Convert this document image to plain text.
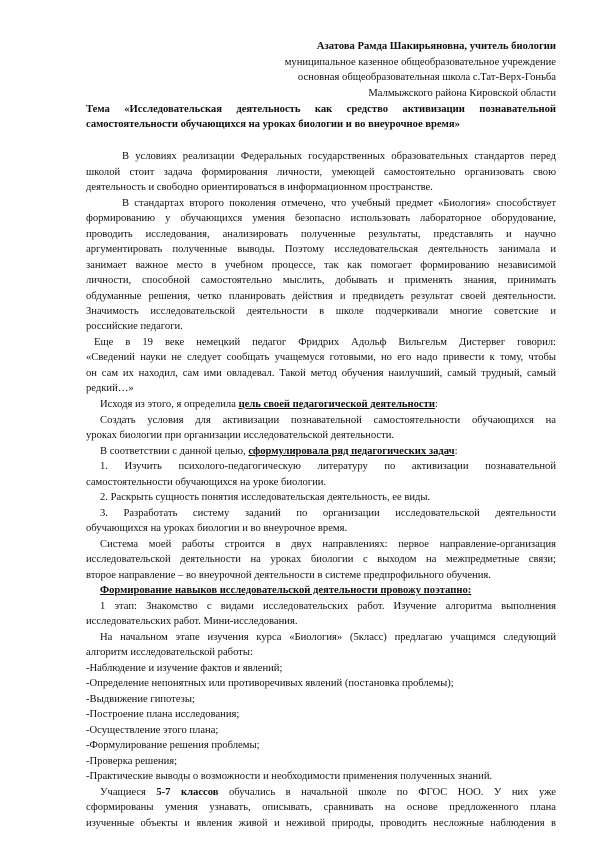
Азатова Рамда Шакирьяновна, учитель биологии
муниципальное казенное общеобразовательное учреждение
основная общеобразовательная школа с.Тат-Верх-Гоньба
Малмыжского района Кировской области
Тема «Исследовательская деятельность как средство активизации познавательной
самостоятельности обучающихся на уроках биологии и во внеурочное время»
В условиях реализации Федеральных государственных образовательных стандартов перед
школой стоит задача формирования личности, умеющей самостоятельно организовать свою
деятельность и свободно ориентироваться в информационном пространстве.
В стандартах второго поколения отмечено, что учебный предмет «Биология» способствует
формированию у обучающихся умения безопасно использовать лабораторное оборудование,
проводить исследования, анализировать полученные результаты, представлять и научно
аргументировать полученные выводы. Поэтому исследовательская деятельность занимала и
занимает важное место в учебном процессе, так как помогает формированию независимой
личности, способной самостоятельно мыслить, добывать и применять знания, принимать
обдуманные решения, четко планировать действия и предвидеть результат своей деятельности.
Значимость исследовательской деятельности в школе подчеркивали многие советские и
российские педагоги.
Еще в 19 веке немецкий педагог Фридрих Адольф Вильгельм Дистервег говорил:
«Сведений науки не следует сообщать учащемуся готовыми, но его надо привести к тому, чтобы
он сам их находил, сам ими овладевал. Такой метод обучения наилучший, самый трудный, самый
редкий…»
Исходя из этого, я определила цель своей педагогической деятельности:
Создать условия для активизации познавательной самостоятельности обучающихся на
уроках биологии при организации исследовательской деятельности.
В соответствии с данной целью, сформулировала ряд педагогических задач:
1. Изучить психолого-педагогическую литературу по активизации познавательной
самостоятельности обучающихся на уроке биологии.
2. Раскрыть сущность понятия исследовательская деятельность, ее виды.
3. Разработать систему заданий по организации исследовательской деятельности
обучающихся на уроках биологии и во внеурочное время.
Система моей работы строится в двух направлениях: первое направление-организация
исследовательской деятельности на уроках биологии с выходом на межпредметные связи;
второе направление – во внеурочной деятельности в системе предпрофильного обучения.
Формирование навыков исследовательской деятельности провожу поэтапно:
1 этап: Знакомство с видами исследовательских работ. Изучение алгоритма выполнения
исследовательских работ. Мини-исследования.
На начальном этапе изучения курса «Биология» (5класс) предлагаю учащимся следующий
алгоритм исследовательской работы:
-Наблюдение и изучение фактов и явлений;
-Определение непонятных или противоречивых явлений (постановка проблемы);
-Выдвижение гипотезы;
-Построение плана исследования;
-Осуществление этого плана;
-Формулирование решения проблемы;
-Проверка решения;
-Практические выводы о возможности и необходимости применения полученных знаний.
Учащиеся 5-7 классов обучались в начальной школе по ФГОС НОО. У них уже
сформированы умения узнавать, описывать, сравнивать на основе предложенного плана
изученные объекты и явления живой и неживой природы, проводить несложные наблюдения в
